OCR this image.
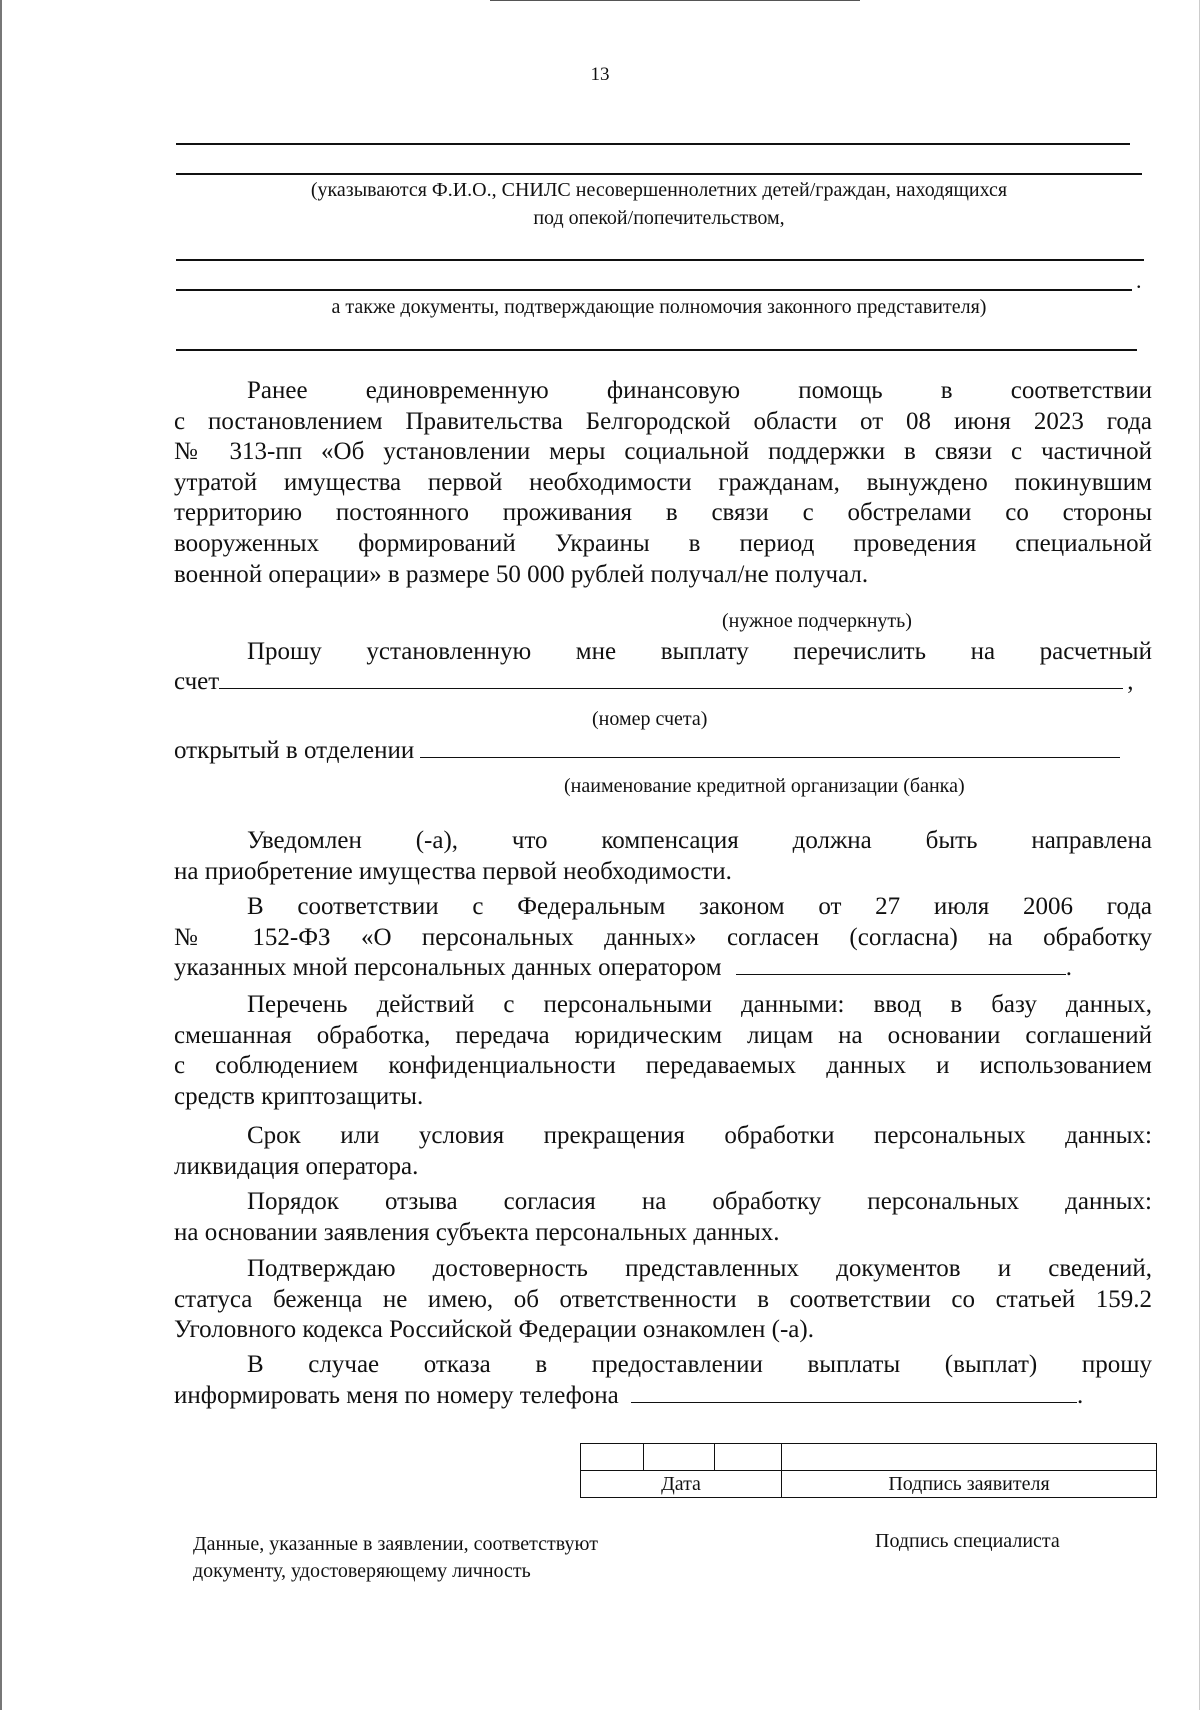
13
(указываются Ф.И.О., СНИЛС несовершеннолетних детей/граждан, находящихся
под опекой/попечительством,
.
а также документы, подтверждающие полномочия законного представителя)
Ранее единовременную финансовую помощь в соответствии
с постановлением Правительства Белгородской области от 08 июня 2023 года
№ 313-пп «Об установлении меры социальной поддержки в связи с частичной
утратой имущества первой необходимости гражданам, вынуждено покинувшим
территорию постоянного проживания в связи с обстрелами со стороны
вооруженных формирований Украины в период проведения специальной
военной операции» в размере 50 000 рублей получал/не получал.
(нужное подчеркнуть)
Прошу установленную мне выплату перечислить на расчетный
счет	,
(номер счета)
открытый в отделении
(наименование кредитной организации (банка)
Уведомлен (-а), что компенсация должна быть направлена
на приобретение имущества первой необходимости.
В соответствии с Федеральным законом от 27 июля 2006 года
№ 152-ФЗ «О персональных данных» согласен (согласна) на обработку
указанных мной персональных данных оператором	.
Перечень действий с персональными данными: ввод в базу данных,
смешанная обработка, передача юридическим лицам на основании соглашений
с соблюдением конфиденциальности передаваемых данных и использованием
средств криптозащиты.
Срок или условия прекращения обработки персональных данных:
ликвидация оператора.
Порядок отзыва согласия на обработку персональных данных:
на основании заявления субъекта персональных данных.
Подтверждаю достоверность представленных документов и сведений,
статуса беженца не имею, об ответственности в соответствии со статьей 159.2
Уголовного кодекса Российской Федерации ознакомлен (-а).
В случае отказа в предоставлении выплаты (выплат) прошу
информировать меня по номеру телефона	.

Дата			Подпись заявителя
Данные, указанные в заявлении, соответствуют
документу, удостоверяющему личность
Подпись специалиста
